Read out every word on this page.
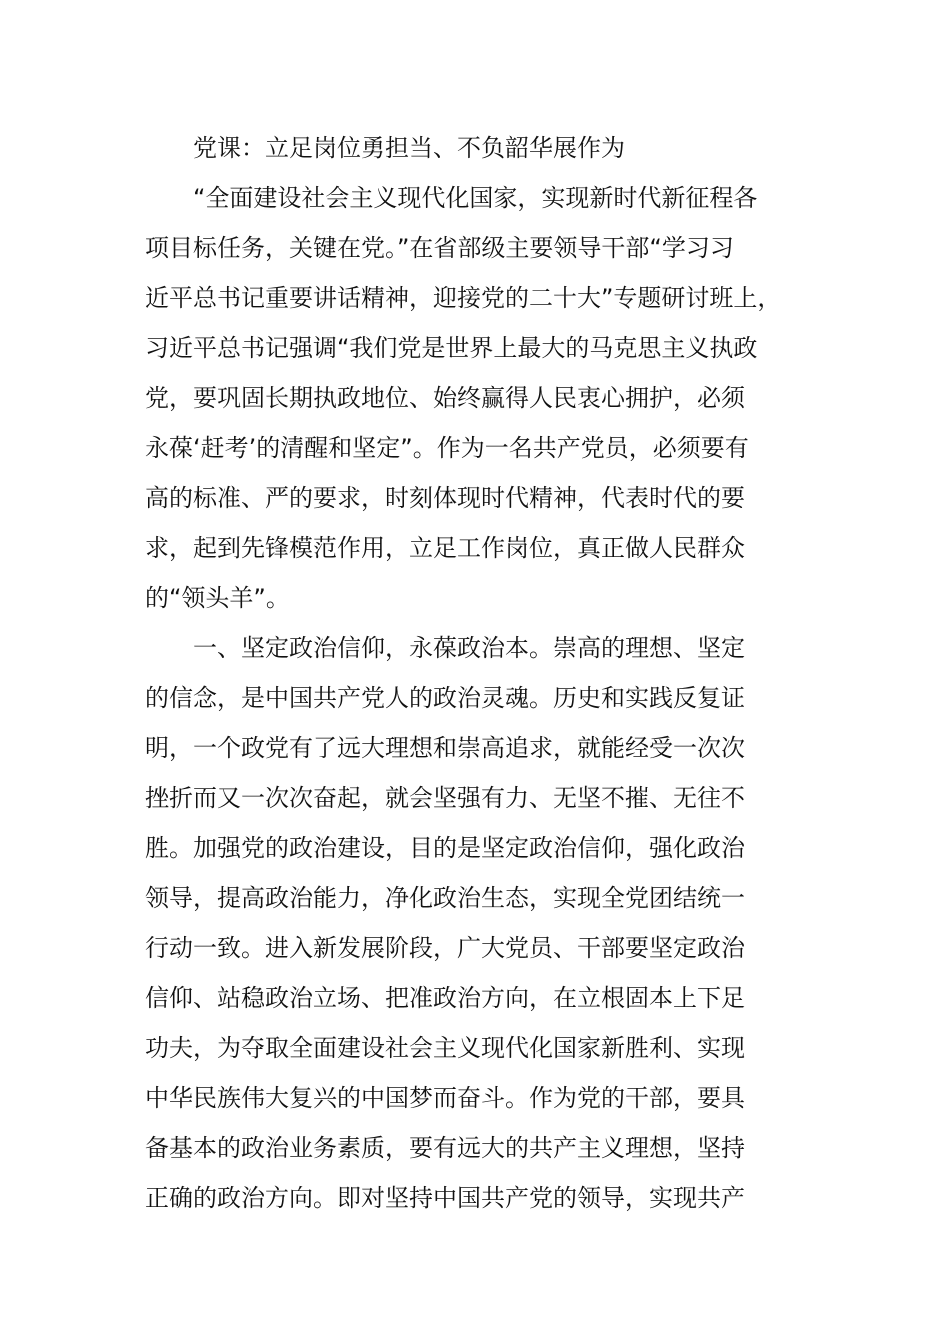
党课：立足岗位勇担当、不负韶华展作为
“全面建设社会主义现代化国家，实现新时代新征程各
项目标任务，关键在党。”在省部级主要领导干部“学习习
近平总书记重要讲话精神，迎接党的二十大”专题研讨班上，
习近平总书记强调“我们党是世界上最大的马克思主义执政
党，要巩固长期执政地位、始终赢得人民衷心拥护，必须
永葆‘赶考’的清醒和坚定”。作为一名共产党员，必须要有
高的标准、严的要求，时刻体现时代精神，代表时代的要
求，起到先锋模范作用，立足工作岗位，真正做人民群众
的“领头羊”。
一、坚定政治信仰，永葆政治本。崇高的理想、坚定
的信念，是中国共产党人的政治灵魂。历史和实践反复证
明，一个政党有了远大理想和崇高追求，就能经受一次次
挫折而又一次次奋起，就会坚强有力、无坚不摧、无往不
胜。加强党的政治建设，目的是坚定政治信仰，强化政治
领导，提高政治能力，净化政治生态，实现全党团结统一
行动一致。进入新发展阶段，广大党员、干部要坚定政治
信仰、站稳政治立场、把准政治方向，在立根固本上下足
功夫，为夺取全面建设社会主义现代化国家新胜利、实现
中华民族伟大复兴的中国梦而奋斗。作为党的干部，要具
备基本的政治业务素质，要有远大的共产主义理想，坚持
正确的政治方向。即对坚持中国共产党的领导，实现共产
